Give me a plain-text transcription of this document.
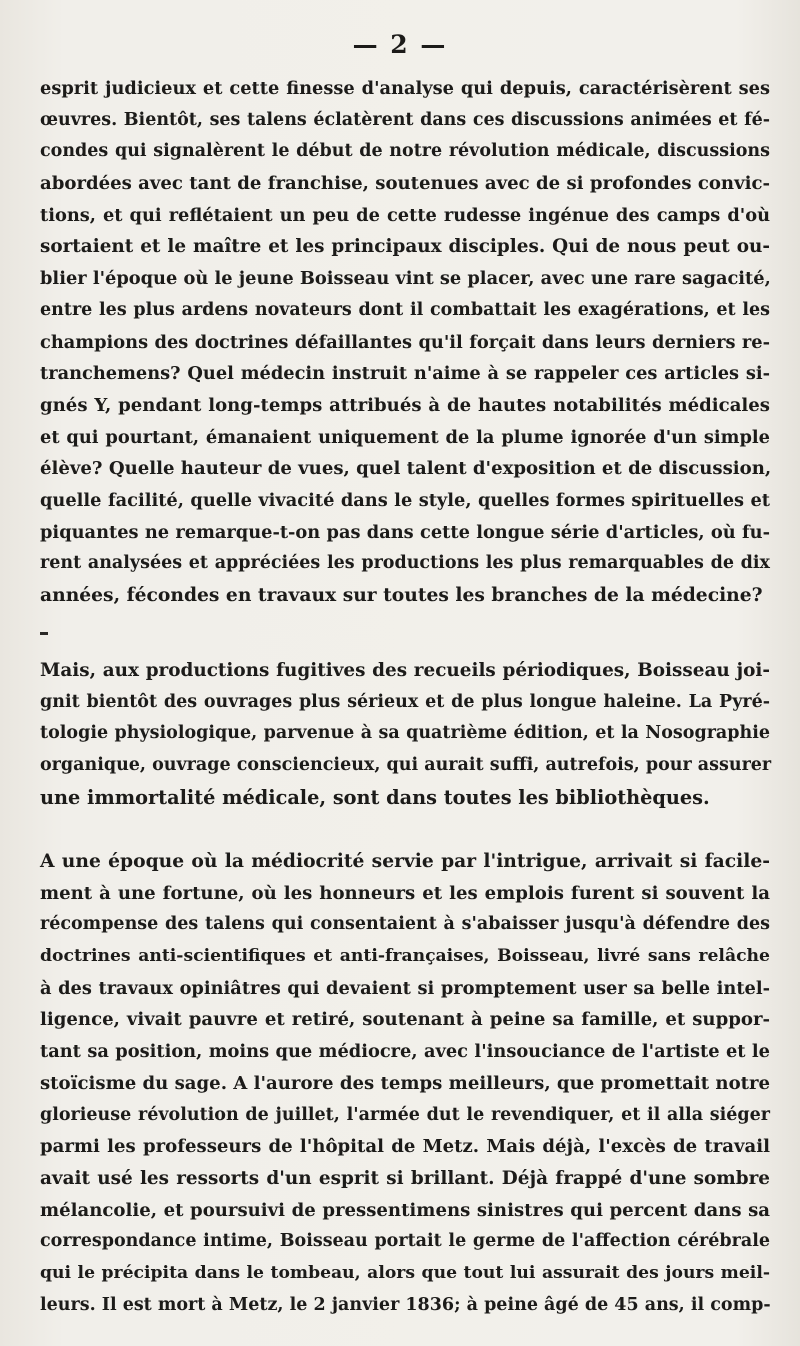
— 2 —
esprit judicieux et cette finesse d'analyse qui depuis, caractérisèrent ses
œuvres. Bientôt, ses talens éclatèrent dans ces discussions animées et fé-
condes qui signalèrent le début de notre révolution médicale, discussions
abordées avec tant de franchise, soutenues avec de si profondes convic-
tions, et qui reflétaient un peu de cette rudesse ingénue des camps d'où
sortaient et le maître et les principaux disciples. Qui de nous peut ou-
blier l'époque où le jeune Boisseau vint se placer, avec une rare sagacité,
entre les plus ardens novateurs dont il combattait les exagérations, et les
champions des doctrines défaillantes qu'il forçait dans leurs derniers re-
tranchemens? Quel médecin instruit n'aime à se rappeler ces articles si-
gnés Y, pendant long-temps attribués à de hautes notabilités médicales
et qui pourtant, émanaient uniquement de la plume ignorée d'un simple
élève? Quelle hauteur de vues, quel talent d'exposition et de discussion,
quelle facilité, quelle vivacité dans le style, quelles formes spirituelles et
piquantes ne remarque-t-on pas dans cette longue série d'articles, où fu-
rent analysées et appréciées les productions les plus remarquables de dix
années, fécondes en travaux sur toutes les branches de la médecine?
Mais, aux productions fugitives des recueils périodiques, Boisseau joi-
gnit bientôt des ouvrages plus sérieux et de plus longue haleine. La Pyré-
tologie physiologique, parvenue à sa quatrième édition, et la Nosographie
organique, ouvrage consciencieux, qui aurait suffi, autrefois, pour assurer
une immortalité médicale, sont dans toutes les bibliothèques.
A une époque où la médiocrité servie par l'intrigue, arrivait si facile-
ment à une fortune, où les honneurs et les emplois furent si souvent la
récompense des talens qui consentaient à s'abaisser jusqu'à défendre des
doctrines anti-scientifiques et anti-françaises, Boisseau, livré sans relâche
à des travaux opiniâtres qui devaient si promptement user sa belle intel-
ligence, vivait pauvre et retiré, soutenant à peine sa famille, et suppor-
tant sa position, moins que médiocre, avec l'insouciance de l'artiste et le
stoïcisme du sage. A l'aurore des temps meilleurs, que promettait notre
glorieuse révolution de juillet, l'armée dut le revendiquer, et il alla siéger
parmi les professeurs de l'hôpital de Metz. Mais déjà, l'excès de travail
avait usé les ressorts d'un esprit si brillant. Déjà frappé d'une sombre
mélancolie, et poursuivi de pressentimens sinistres qui percent dans sa
correspondance intime, Boisseau portait le germe de l'affection cérébrale
qui le précipita dans le tombeau, alors que tout lui assurait des jours meil-
leurs. Il est mort à Metz, le 2 janvier 1836; à peine âgé de 45 ans, il comp-
